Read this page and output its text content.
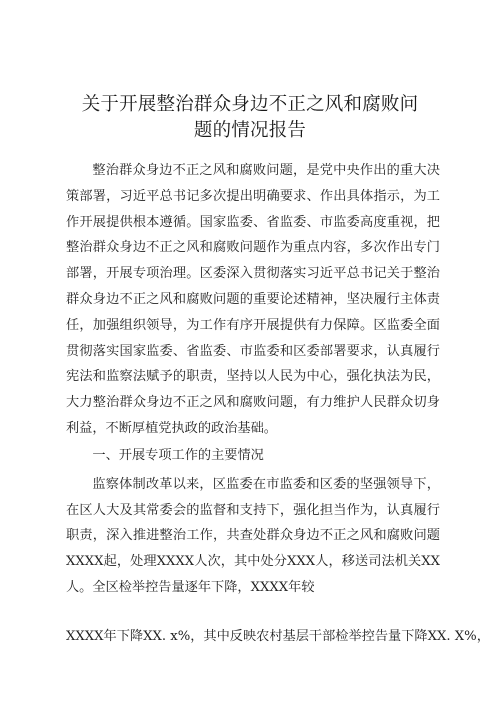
关于开展整治群众身边不正之风和腐败问
题的情况报告

整治群众身边不正之风和腐败问题，是党中央作出的重大决策部署，习近平总书记多次提出明确要求、作出具体指示，为工作开展提供根本遵循。国家监委、省监委、市监委高度重视，把整治群众身边不正之风和腐败问题作为重点内容，多次作出专门部署，开展专项治理。区委深入贯彻落实习近平总书记关于整治群众身边不正之风和腐败问题的重要论述精神，坚决履行主体责任，加强组织领导，为工作有序开展提供有力保障。区监委全面贯彻落实国家监委、省监委、市监委和区委部署要求，认真履行宪法和监察法赋予的职责，坚持以人民为中心，强化执法为民，大力整治群众身边不正之风和腐败问题，有力维护人民群众切身利益，不断厚植党执政的政治基础。

一、开展专项工作的主要情况

监察体制改革以来，区监委在市监委和区委的坚强领导下，在区人大及其常委会的监督和支持下，强化担当作为，认真履行职责，深入推进整治工作，共查处群众身边不正之风和腐败问题XXXX起，处理XXXX人次，其中处分XXX人，移送司法机关XX人。全区检举控告量逐年下降，XXXX年较

XXXX年下降XX. x%，其中反映农村基层干部检举控告量下降XX. X%，
